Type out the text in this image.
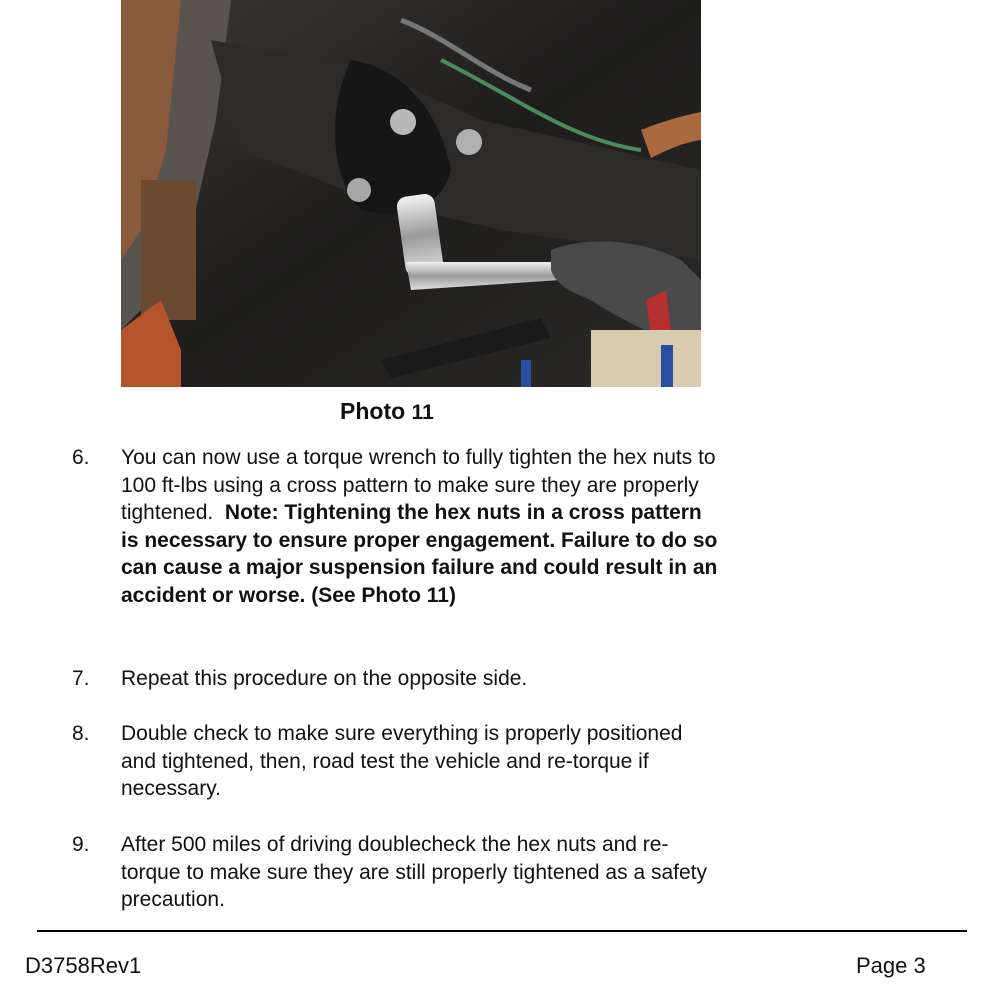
Photo 11
6. You can now use a torque wrench to fully tighten the hex nuts to 100 ft-lbs using a cross pattern to make sure they are properly tightened. Note: Tightening the hex nuts in a cross pattern is necessary to ensure proper engagement. Failure to do so can cause a major suspension failure and could result in an accident or worse. (See Photo 11)
7. Repeat this procedure on the opposite side.
8. Double check to make sure everything is properly positioned and tightened, then, road test the vehicle and re-torque if necessary.
9. After 500 miles of driving doublecheck the hex nuts and re-torque to make sure they are still properly tightened as a safety precaution.
D3758Rev1	Page 3
